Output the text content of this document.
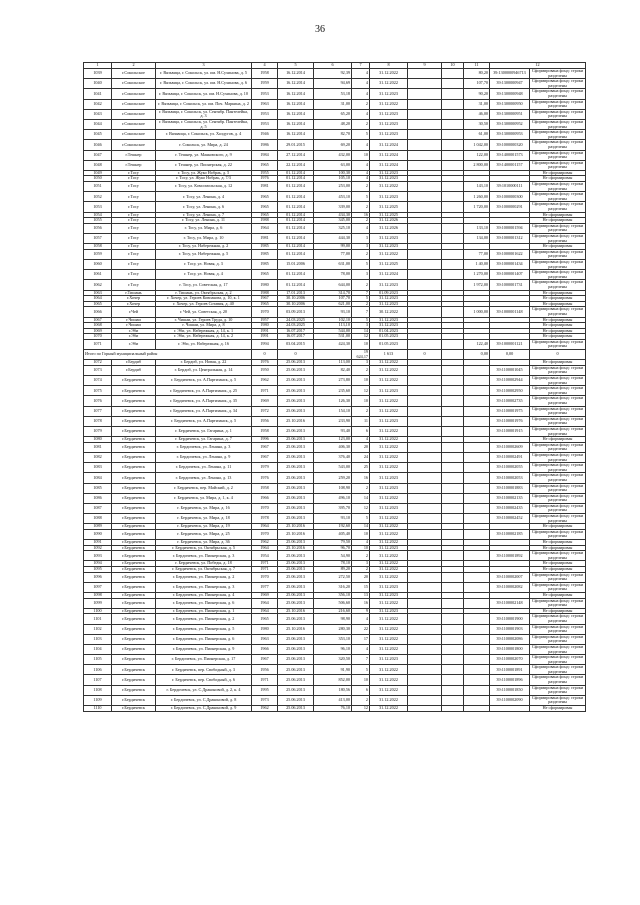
36
1	2	3	4	5	6	7	8	9	10	11	12	
1039	г.Сокольское	г. Вязьвица, г. Сокольск, ул. им. Н.Сухинова, д. 5	1958	16.12.2014	92,39	4	31.12.2022			80,20	39:1300000946713	Сформирована фонд: строки разделены
1040	г.Сокольское	г. Вязьвица, г. Сокольск, ул. им. Н.Сухинова, д. 6	1959	16.12.2014	94,69	4	31.12.2022			107,70	39:1300000947	Сформирована фонд: строки разделены
1041	г.Сокольское	г. Вязьвица, г. Сокольск, ул. им. Н.Сухинова, д. 10	1953	16.12.2014	53,18	4	31.12.2023			90,20	39:1300000948	Сформирована фонд: строки разделены
1042	г.Сокольское	г. Вязьвица, г. Сокольск, ул. им. Поч. Маркина, д. 2	1963	16.12.2014	31,00	2	31.12.2022			31,00	39:1300000950	Сформирована фонд: строки разделены
1043	г.Сокольское	г. Вязьвица, г. Сокольск, ул. Сентябр. Пантелейка, д. 3	1953	16.12.2014	65,20	4	31.12.2023			46,00	39:1300000951	Сформирована фонд: строки разделены
1044	г.Сокольское	г. Вязьвица, г. Сокольск, ул. Сентябр. Пантелейка, д. 5	1953	16.12.2014	48,20	2	31.12.2023			30,50	39:1300000952	Сформирована фонд: строки разделены
1045	г.Сокольское	г. Вязьвица, г. Сокольск, ул. Холдугов, д. 4	1946	16.12.2014	82,70	5	31.12.2023			61,00	39:1300000953	Сформирована фонд: строки разделены
1046	г.Сокольское	г. Сокольск, ул. Мира, д. 24	1986	29.01.2015	69,20	4	31.12.2024			1 042,00	39:1000000320	Сформирована фонд: строки разделены
1047	г.Тешнер	г. Тешнер, ул. Маяковского, д. 9	1984	27.12.2014	432,00	10	31.12.2024			122,00	39:1400001573	Сформирована фонд: строки разделены
1048	г.Тешнер	г. Тешнер, ул. Пионерская, д. 22	1965	22.12.2014	63,00	4	31.12.2024			2 800,00	39:1400001157	Сформирована фонд: строки разделены
1049	г.Тосу	г. Тосу, ул. Жуко Нобраь, д. 5	1955	01.12.2014	100,30	4	31.12.2023					Не сформирован
1050	г.Тосу	г. Тосу, ул. Жуко Нобраь, д. 7/3	1976	01.12.2014	105,10	4	31.12.2023					Не сформирован
1051	г.Тосу	г. Тосу, ул. Комсомольская, д. 12	1981	01.12.2014	253,00	2	31.12.2022			143,10	39:1010000111	Сформирована фонд: строки разделены
1052	г.Тосу	г. Тосу, ул. Ленина, д. 4	1965	01.12.2014	453,10	5	31.12.2023			1 260,00	39:1000000300	Сформирована фонд: строки разделены
1053	г.Тосу	г. Тосу, ул. Ленина, д. 6	1965	01.12.2014	339,00	2	31.12.2025			1 720,00	39:1000000291	Сформирована фонд: строки разделены
1054	г.Тосу	г. Тосу, ул. Ленина, д. 7	1965	01.12.2014	434,30	16	31.12.2025					Не сформирован
1055	г.Тосу	г. Тосу, ул. Ленина, д. 11	1988	01.12.2014	345,00	2	31.12.2026					Не сформирован
1056	г.Тосу	г. Тосу, ул. Мира, д. 6	1964	01.12.2014	325,10	4	31.12.2026			133,10	39:1000001594	Сформирована фонд: строки разделены
1057	г.Тосу	г. Тосу, ул. Мира, д. 10	1981	01.12.2014	444,30	3	31.12.2023			134,00	39:1000001312	Сформирована фонд: строки разделены
1058	г.Тосу	г. Тосу, ул. Набережная, д. 2	1985	01.12.2014	99,00	3	31.12.2023					Не сформирован
1059	г.Тосу	г. Тосу, ул. Набережная, д. 5	1985	01.12.2014	77,00	2	31.12.2022			77,00	39:1000001622	Сформирована фонд: строки разделены
1060	г.Тосу	г. Тосу, ул. Новая, д. 3	1985	15.01.2006	631,00	5	31.12.2025			1 40,00	39:1000001434	Сформирована фонд: строки разделены
1061	г.Тосу	г. Тосу, ул. Новая, д. 4	1965	01.12.2014	78,00	3	31.12.2024			1 270,00	39:1000001407	Сформирована фонд: строки разделены
1062	г.Тосу	г. Тосу, ул. Советская, д. 17	1980	01.12.2014	644,00	2	31.12.2023			1 972,00	39:1000001731	Сформирована фонд: строки разделены
1063	г.Тишань	г. Тишань, ул. Октябрьская, д. 2	1988	17.01.2013	314,70	7	01.09.2023					Не сформирован
1064	г.Хочер	г. Хочер, ул. Героев Ковпакова, д. 10, к. 1	1967	30.10.2006	107,70	5	31.12.2023					Не сформирован
1065	г.Хочер	г. Хочер, ул. Героев Сотавия, д. 40	1965	30.10.2006	621,00	2	31.12.2023					Не сформирован
1066	г.Чей	г. Чей, ул. Советская, д. 20	1970	03.09.2013	93,10	7	30.12.2022			1 000,00	39:1000001148	Сформирована фонд: строки разделены
1067	г.Чишаи	г. Чишаи, ул. Героев Труда, д. 10	1957	24.03.2025	102,10	5	31.12.2023					Не сформирован
1068	г.Чишаи	г. Чишаи, ул. Мира, д. 8	1980	24.03.2025	113,10	3	31.12.2023					Не сформирован
1069	г.Эби	г. Эби, ул. Набережная, д. 14, к. 1	1991	16.07.2017	544,00	14	01.04.2023					Не сформирован
1070	г.Эби	г. Эби, ул. Набережная, д. 14, к. 2	1991	16.07.2017	531,00	12	01.05.2023					Не сформирован
1071	г.Эби	г. Эби, ул. Набережная, д. 16	1994	03.04.2015	424,30	10	01.05.2023			122,40	39:1000001121	Сформирована фонд: строки разделены
Итого по Горный муниципальный район			0	0		19 624,17	1 613	0		0,00	0,00	0
1072	г.Бердиб	г. Бердиб, ул. Новая, д. 22	1976	25.06.2013	113,00	3	31.12.2022					Не сформирован
1073	г.Бердиб	г. Бердиб, ул. Центральная, д. 14	1950	25.06.2013	82,40	2	31.12.2022				39:1100001045	Сформирована фонд: строки разделены
1074	г.Бердичевск	г. Бердичевск, ул. А.Партизанск, д. 5	1962	25.06.2013	273,80	10	31.12.2022				39:1100002944	Сформирована фонд: строки разделены
1075	г.Бердичевск	г. Бердичевск, ул. А.Партизанск, д. 25	1971	25.06.2013	235,60	12	31.12.2023				39:1100002950	Сформирована фонд: строки разделены
1076	г.Бердичевск	г. Бердичевск, ул. А.Партизанск, д. 35	1969	25.06.2013	126,30	10	31.12.2022				39:1100002735	Сформирована фонд: строки разделены
1077	г.Бердичевск	г. Бердичевск, ул. А.Партизанск, д. 34	1972	25.06.2013	154,10	2	31.12.2022				39:1100001975	Сформирована фонд: строки разделены
1078	г.Бердичевск	г. Бердичевск, ул. А.Партизанск, д. 5	1956	25.10.2016	233,90	11	31.12.2023				39:1100001976	Сформирована фонд: строки разделены
1079	г.Бердичевск	г. Бердичевск, ул. Гагарина, д. 1	1958	25.06.2013	93,40	6	31.12.2022				39:1100001915	Сформирована фонд: строки разделены
1080	г.Бердичевск	г. Бердичевск, ул. Гагарина, д. 7	1996	25.06.2013	123,00	4	31.12.2022					Не сформирован
1081	г.Бердичевск	г. Бердичевск, ул. Ленина, д. 3	1967	25.06.2013	406,30	20	31.12.2022				39:1100002609	Сформирована фонд: строки разделены
1082	г.Бердичевск	г. Бердичевск, ул. Ленина, д. 9	1967	25.06.2013	376,40	24	31.12.2022				39:1100002491	Сформирована фонд: строки разделены
1083	г.Бердичевск	г. Бердичевск, ул. Ленина, д. 11	1979	25.06.2013	543,00	25	31.12.2022				39:1100002055	Сформирована фонд: строки разделены
1084	г.Бердичевск	г. Бердичевск, ул. Ленина, д. 13	1976	25.06.2013	259,20	16	31.12.2023				39:1100002053	Сформирована фонд: строки разделены
1085	г.Бердичевск	г. Бердичевск, пер. Майский, д. 2	1958	25.06.2013	108,90	2	31.12.2023				39:1100001883	Сформирована фонд: строки разделены
1086	г.Бердичевск	г. Бердичевск, ул. Мира, д. 1, к. 4	1966	25.06.2013	496,10	14	31.12.2022				39:1100002135	Сформирована фонд: строки разделены
1087	г.Бердичевск	г. Бердичевск, ул. Мира, д. 16	1970	25.06.2013	395,70	12	31.12.2023				39:1100002435	Сформирована фонд: строки разделены
1088	г.Бердичевск	г. Бердичевск, ул. Мира, д. 18	1978	25.06.2013	93,10	5	31.12.2022				39:1100002452	Сформирована фонд: строки разделены
1089	г.Бердичевск	г. Бердичевск, ул. Мира, д. 19	1964	25.10.2016	192,60	14	31.12.2022					Не сформирован
1090	г.Бердичевск	г. Бердичевск, ул. Мира, д. 25	1970	25.10.2016	405,40	10	31.12.2022				39:1100002185	Сформирована фонд: строки разделены
1091	г.Бердичевск	г. Бердичевск, ул. Мира, д. 36	1962	25.06.2013	79,50	4	31.12.2022					Не сформирован
1092	г.Бердичевск	г. Бердичевск, ул. Октябрьская, д. 5	1964	25.10.2016	96,70	10	31.12.2023					Не сформирован
1093	г.Бердичевск	г. Бердичевск, ул. Пионерская, д. 3	1954	25.06.2013	54,90	2	31.12.2022				39:1100001892	Сформирована фонд: строки разделены
1094	г.Бердичевск	г. Бердичевск, ул. Победы, д. 18	1971	25.06.2013	78,10	3	31.12.2022					Не сформирован
1095	г.Бердичевск	г. Бердичевск, ул. Октябрьская, д. 7	1971	25.06.2013	89,20	2	31.12.2022					Не сформирован
1096	г.Бердичевск	г. Бердичевск, ул. Пионерская, д. 2	1970	25.06.2013	272,50	20	31.12.2022				39:1100002007	Сформирована фонд: строки разделены
1097	г.Бердичевск	г. Бердичевск, ул. Пионерская, д. 3	1977	25.06.2013	316,20	15	31.12.2023				39:1100002082	Сформирована фонд: строки разделены
1098	г.Бердичевск	г. Бердичевск, ул. Пионерская, д. 4	1969	25.06.2013	356,10	13	31.12.2023					Не сформирован
1099	г.Бердичевск	г. Бердичевск, ул. Пионерская, д. 6	1964	25.06.2013	506,60	16	31.12.2022				39:1100002148	Сформирована фонд: строки разделены
1100	г.Бердичевск	г. Бердичевск, ул. Пионерская, д. 1	1964	25.10.2016	216,60	9	31.12.2023					Не сформирован
1101	г.Бердичевск	г. Бердичевск, ул. Пионерская, д. 2	1965	25.06.2013	98,90	4	31.12.2022				39:1100001900	Сформирована фонд: строки разделены
1102	г.Бердичевск	г. Бердичевск, ул. Пионерская, д. 5	1980	25.10.2016	280,30	22	31.12.2022				39:1100001903	Сформирована фонд: строки разделены
1103	г.Бердичевск	г. Бердичевск, ул. Пионерская, д. 6	1963	25.06.2013	353,10	17	31.12.2022				39:1100002086	Сформирована фонд: строки разделены
1104	г.Бердичевск	г. Бердичевск, ул. Пионерская, д. 9	1966	25.06.2013	96,10	4	31.12.2022				39:1100001800	Сформирована фонд: строки разделены
1105	г.Бердичевск	г. Бердичевск, ул. Пионерская, д. 17	1967	25.06.2013	320,50	7	31.12.2023				39:1100002070	Сформирована фонд: строки разделены
1106	г.Бердичевск	г. Бердичевск, пер. Свободный, д. 3	1956	25.06.2013	91,90	5	31.12.2022				39:1100001891	Сформирована фонд: строки разделены
1107	г.Бердичевск	г. Бердичевск, пер. Свободный, д. 6	1971	25.06.2013	852,00	10	31.12.2022				39:1100001896	Сформирована фонд: строки разделены
1108	г.Бердичевск	г. Бердичевск, ул. С.Драконовой, д. 2, к. 4	1995	25.06.2013	180,56	6	31.12.2022				39:1100001850	Сформирована фонд: строки разделены
1109	г.Бердичевск	г. Бердичевск, ул. С.Драконовой, д. 8	1973	25.06.2013	413,00	2	31.12.2022				39:1100002090	Сформирована фонд: строки разделены
1110	г.Бердичевск	г. Бердичевск, ул. С.Драконовой, д. 9	1962	25.06.2013	76,10	12	31.12.2022					Не сформирован
